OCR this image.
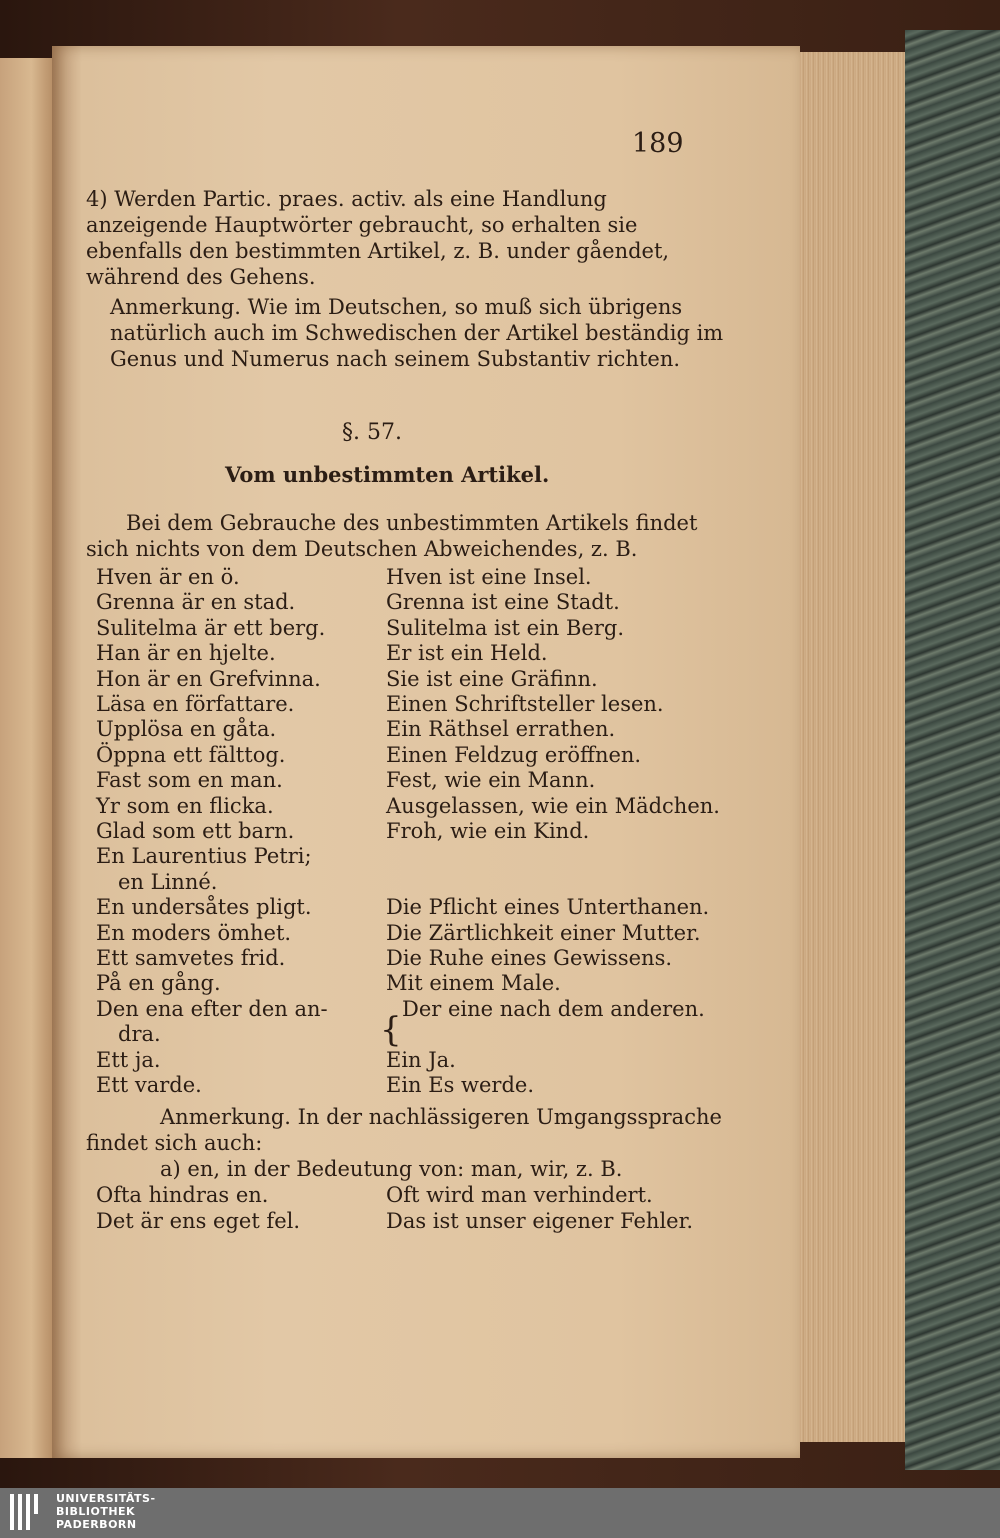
189
4) Werden Partic. praes. activ. als eine Handlung anzeigende Hauptwörter gebraucht, so erhalten sie ebenfalls den bestimmten Artikel, z. B. under gåendet, während des Gehens.
Anmerkung. Wie im Deutschen, so muß sich übrigens natürlich auch im Schwedischen der Artikel beständig im Genus und Numerus nach seinem Substantiv richten.
§. 57.
Vom unbestimmten Artikel.
Bei dem Gebrauche des unbestimmten Artikels findet sich nichts von dem Deutschen Abweichendes, z. B.
Hven är en ö.
Grenna är en stad.
Sulitelma är ett berg.
Han är en hjelte.
Hon är en Grefvinna.
Läsa en författare.
Upplösa en gåta.
Öppna ett fälttog.
Fast som en man.
Yr som en flicka.
Glad som ett barn.
En Laurentius Petri;
en Linné.
En undersåtes pligt.
En moders ömhet.
Ett samvetes frid.
På en gång.
Den ena efter den an-
dra.
Ett ja.
Ett varde.
Hven ist eine Insel.
Grenna ist eine Stadt.
Sulitelma ist ein Berg.
Er ist ein Held.
Sie ist eine Gräfinn.
Einen Schriftsteller lesen.
Ein Räthsel errathen.
Einen Feldzug eröffnen.
Fest, wie ein Mann.
Ausgelassen, wie ein Mädchen.
Froh, wie ein Kind.
Die Pflicht eines Unterthanen.
Die Zärtlichkeit einer Mutter.
Die Ruhe eines Gewissens.
Mit einem Male.
Der eine nach dem anderen.
Ein Ja.
Ein Es werde.
{
Anmerkung. In der nachlässigeren Umgangssprache findet sich auch:
a) en, in der Bedeutung von: man, wir, z. B.
Ofta hindras en.
Det är ens eget fel.
Oft wird man verhindert.
Das ist unser eigener Fehler.
UNIVERSITÄTS-
BIBLIOTHEK
PADERBORN
